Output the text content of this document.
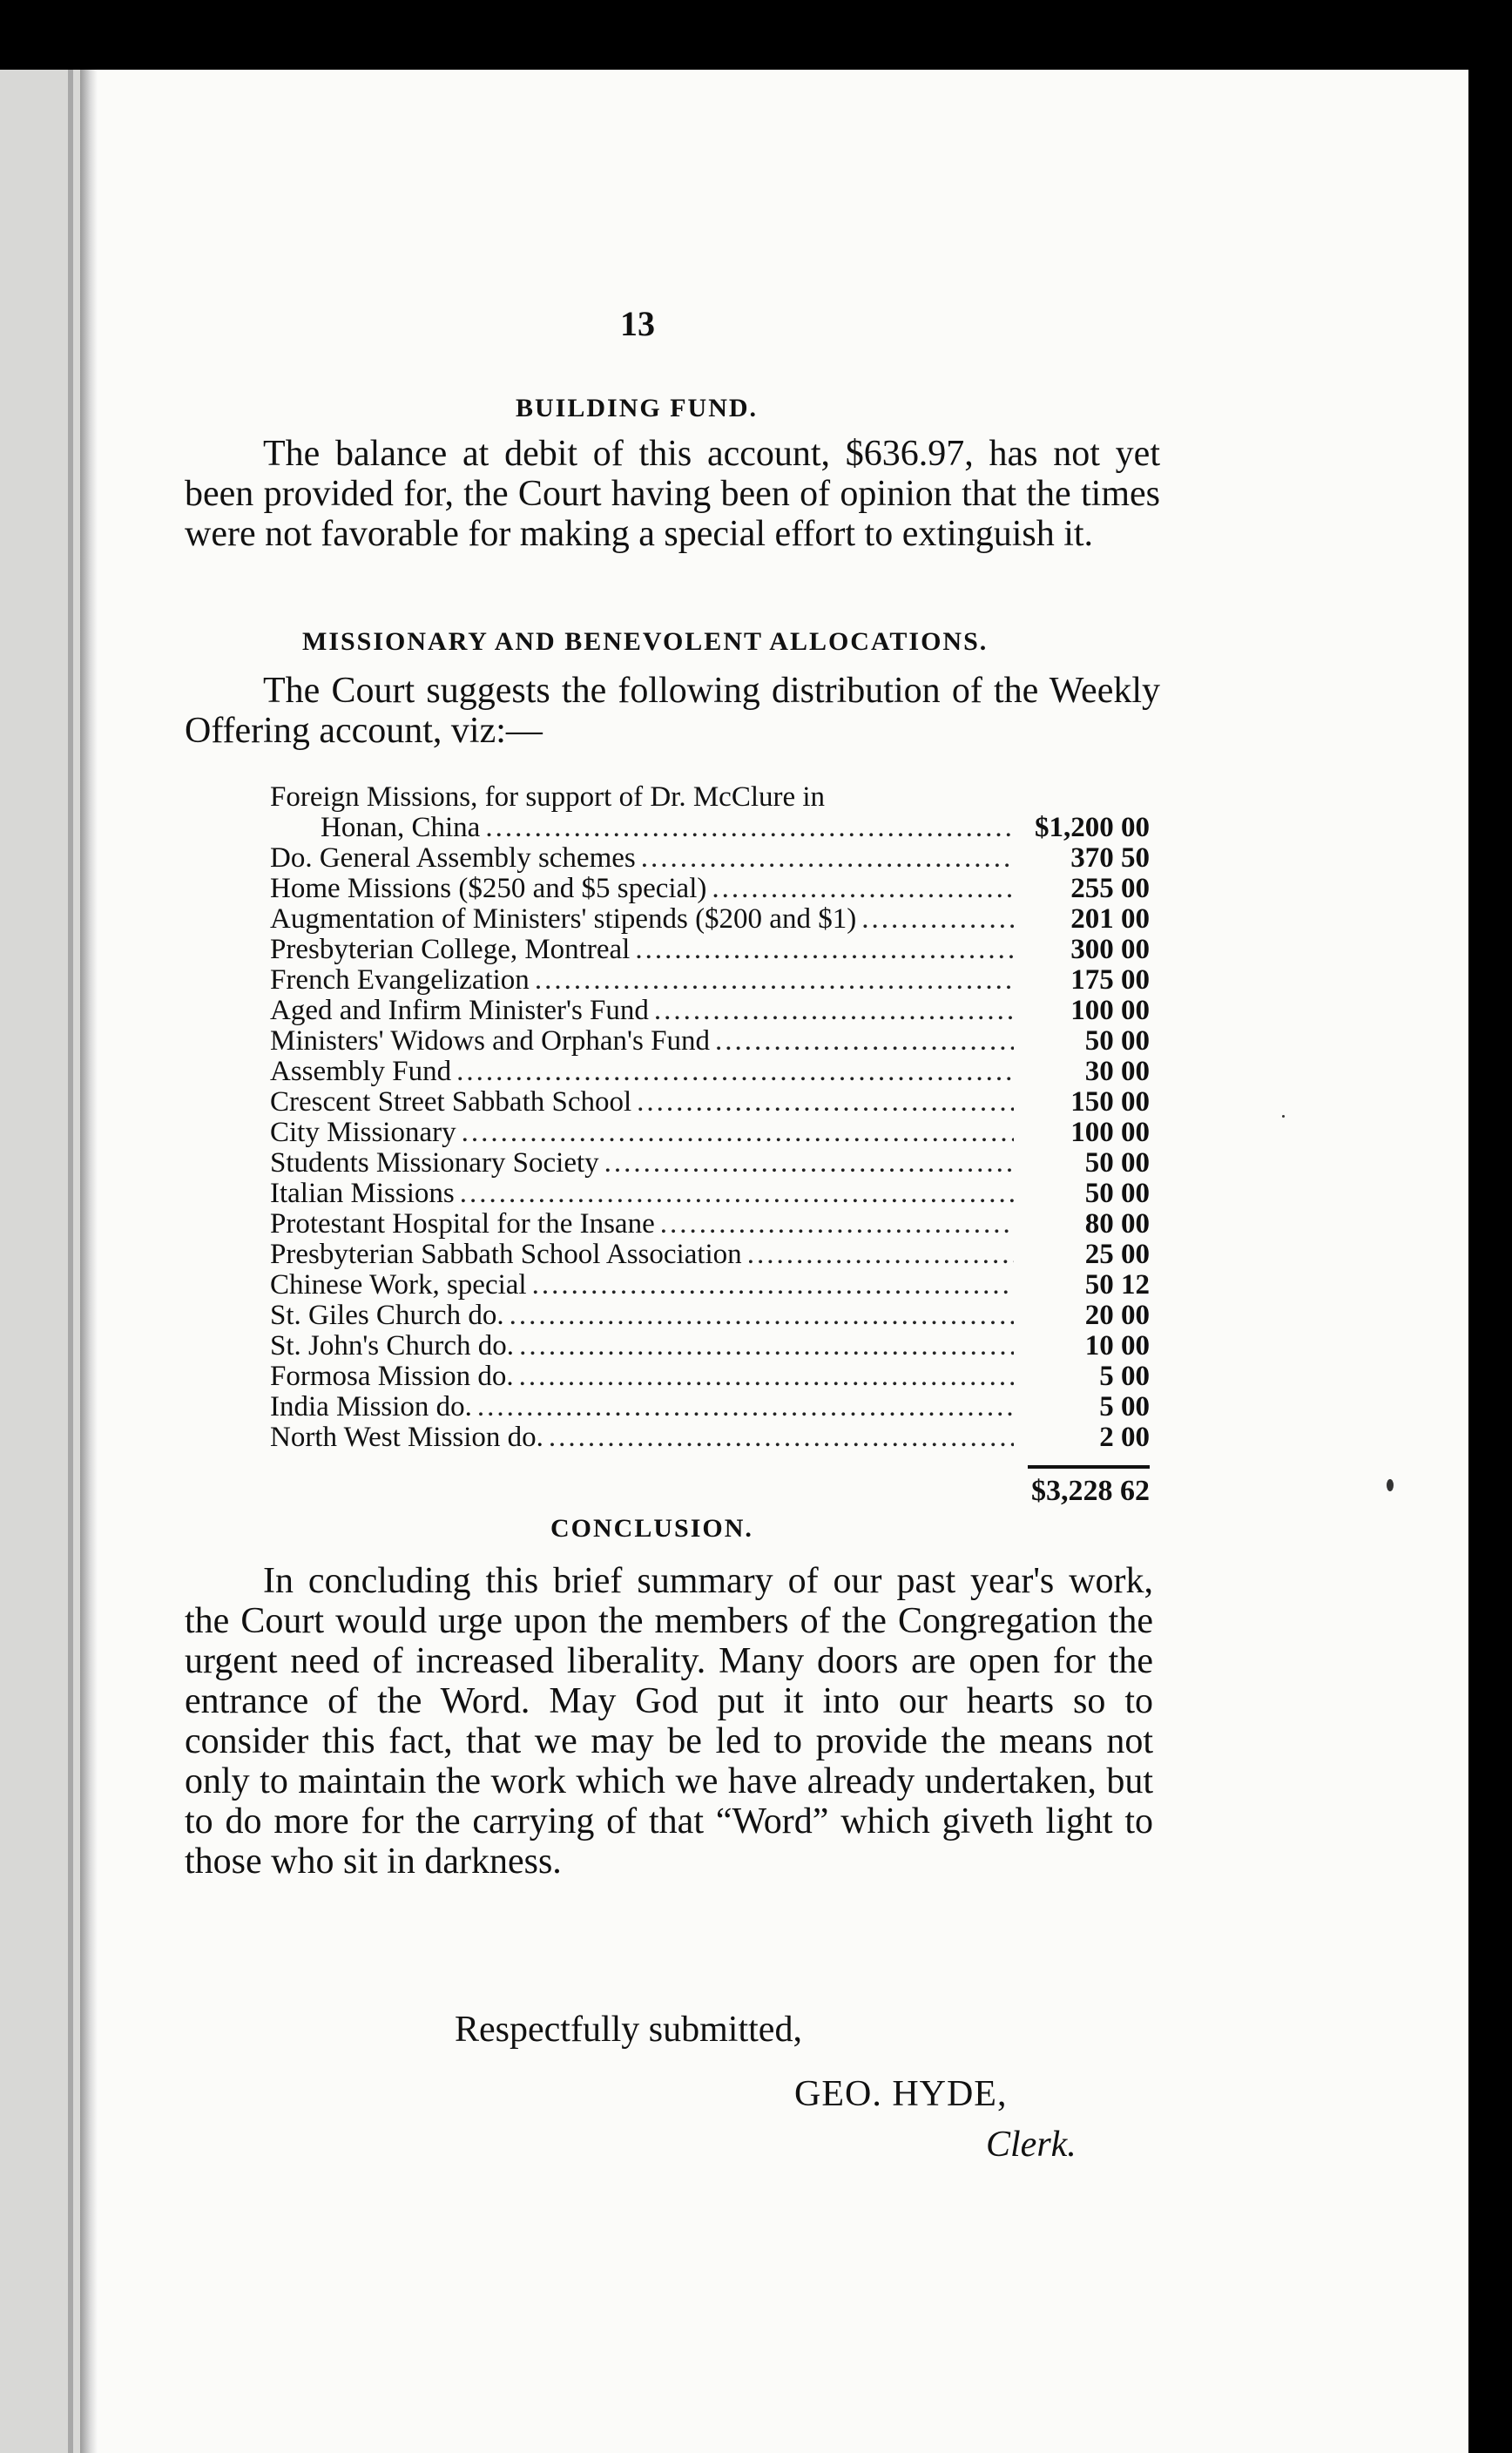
13
BUILDING FUND.
The balance at debit of this account, $636.97, has not yet been provided for, the Court having been of opinion that the times were not favorable for making a special effort to extinguish it.
MISSIONARY AND BENEVOLENT ALLOCATIONS.
The Court suggests the following distribution of the Weekly Offering account, viz:—
Foreign Missions, for support of Dr. McClure in
Honan, China .....	$1,200 00
Do. General Assembly schemes .....	370 50
Home Missions ($250 and $5 special) .....	255 00
Augmentation of Ministers' stipends ($200 and $1) .....	201 00
Presbyterian College, Montreal .....	300 00
French Evangelization .....	175 00
Aged and Infirm Minister's Fund .....	100 00
Ministers' Widows and Orphan's Fund .....	50 00
Assembly Fund .....	30 00
Crescent Street Sabbath School .....	150 00
City Missionary .....	100 00
Students Missionary Society .....	50 00
Italian Missions .....	50 00
Protestant Hospital for the Insane .....	80 00
Presbyterian Sabbath School Association .....	25 00
Chinese Work, special .....	50 12
St. Giles Church do. .....	20 00
St. John's Church do. .....	10 00
Formosa Mission do. .....	5 00
India Mission do. .....	5 00
North West Mission do. .....	2 00
$3,228 62
CONCLUSION.
In concluding this brief summary of our past year's work, the Court would urge upon the members of the Congregation the urgent need of increased liberality. Many doors are open for the entrance of the Word. May God put it into our hearts so to consider this fact, that we may be led to provide the means not only to maintain the work which we have already undertaken, but to do more for the carrying of that “Word” which giveth light to those who sit in darkness.
Respectfully submitted,
GEO. HYDE,
Clerk.
